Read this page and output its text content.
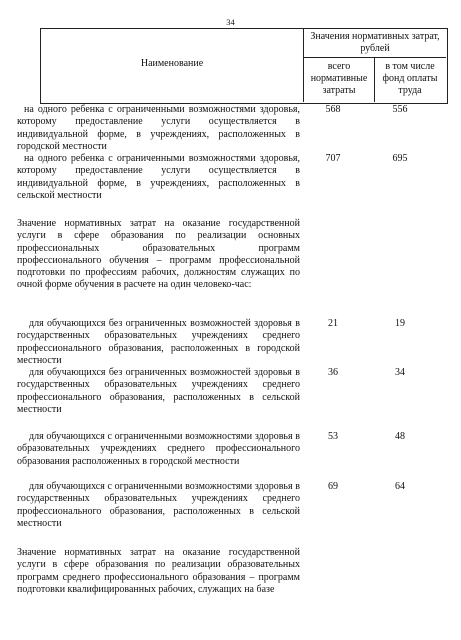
34
Наименование
Значения нормативных затрат, рублей
всего нормативные затраты
в том числе фонд оплаты труда
на одного ребенка с ограниченными возможностями здоровья, которому предоставление услуги осуществляется в индивидуальной форме, в учреждениях, расположенных в городской местности
568	556
на одного ребенка с ограниченными возможностями здоровья, которому предоставление услуги осуществляется в индивидуальной форме, в учреждениях, расположенных в сельской местности
707	695
Значение нормативных затрат на оказание государственной услуги в сфере образования по реализации основных профессиональных образовательных программ профессионального обучения – программ профессиональной подготовки по профессиям рабочих, должностям служащих по очной форме обучения в расчете на один человеко-час:
для обучающихся без ограниченных возможностей здоровья в государственных образовательных учреждениях среднего профессионального образования, расположенных в городской местности
21	19
для обучающихся без ограниченных возможностей здоровья в государственных образовательных учреждениях среднего профессионального образования, расположенных в сельской местности
36	34
для обучающихся с ограниченными возможностями здоровья в образовательных учреждениях среднего профессионального образования расположенных в городской местности
53	48
для обучающихся с ограниченными возможностями здоровья в государственных образовательных учреждениях среднего профессионального образования, расположенных в сельской местности
69	64
Значение нормативных затрат на оказание государственной услуги в сфере образования по реализации образовательных программ среднего профессионального образования – программ подготовки квалифицированных рабочих, служащих на базе
